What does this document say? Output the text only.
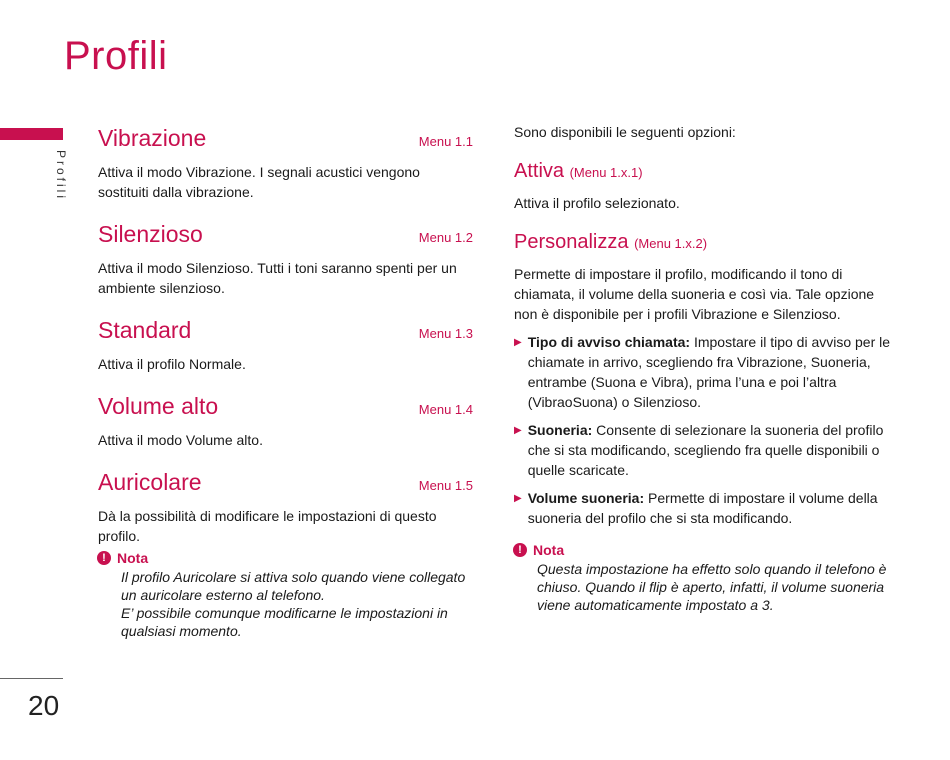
Profili
Profili
20
Vibrazione	Menu 1.1

Attiva il modo Vibrazione. I segnali acustici vengono sostituiti dalla vibrazione.

Silenzioso	Menu 1.2

Attiva il modo Silenzioso. Tutti i toni saranno spenti per un ambiente silenzioso.

Standard	Menu 1.3

Attiva il profilo Normale.

Volume alto	Menu 1.4

Attiva il modo Volume alto.

Auricolare	Menu 1.5

Dà la possibilità di modificare le impostazioni di questo profilo.

! Nota
Il profilo Auricolare si attiva solo quando viene collegato un auricolare esterno al telefono.
E’ possibile comunque modificarne le impostazioni in qualsiasi momento.

Sono disponibili le seguenti opzioni:

Attiva (Menu 1.x.1)

Attiva il profilo selezionato.

Personalizza (Menu 1.x.2)

Permette di impostare il profilo, modificando il tono di chiamata, il volume della suoneria e così via. Tale opzione non è disponibile per i profili Vibrazione e Silenzioso.

▶ Tipo di avviso chiamata: Impostare il tipo di avviso per le chiamate in arrivo, scegliendo fra Vibrazione, Suoneria, entrambe (Suona e Vibra), prima l’una e poi l’altra (VibraoSuona) o Silenzioso.
▶ Suoneria: Consente di selezionare la suoneria del profilo che si sta modificando, scegliendo fra quelle disponibili o quelle scaricate.
▶ Volume suoneria: Permette di impostare il volume della suoneria del profilo che si sta modificando.
! Nota
Questa impostazione ha effetto solo quando il telefono è chiuso. Quando il flip è aperto, infatti, il volume suoneria viene automaticamente impostato a 3.
